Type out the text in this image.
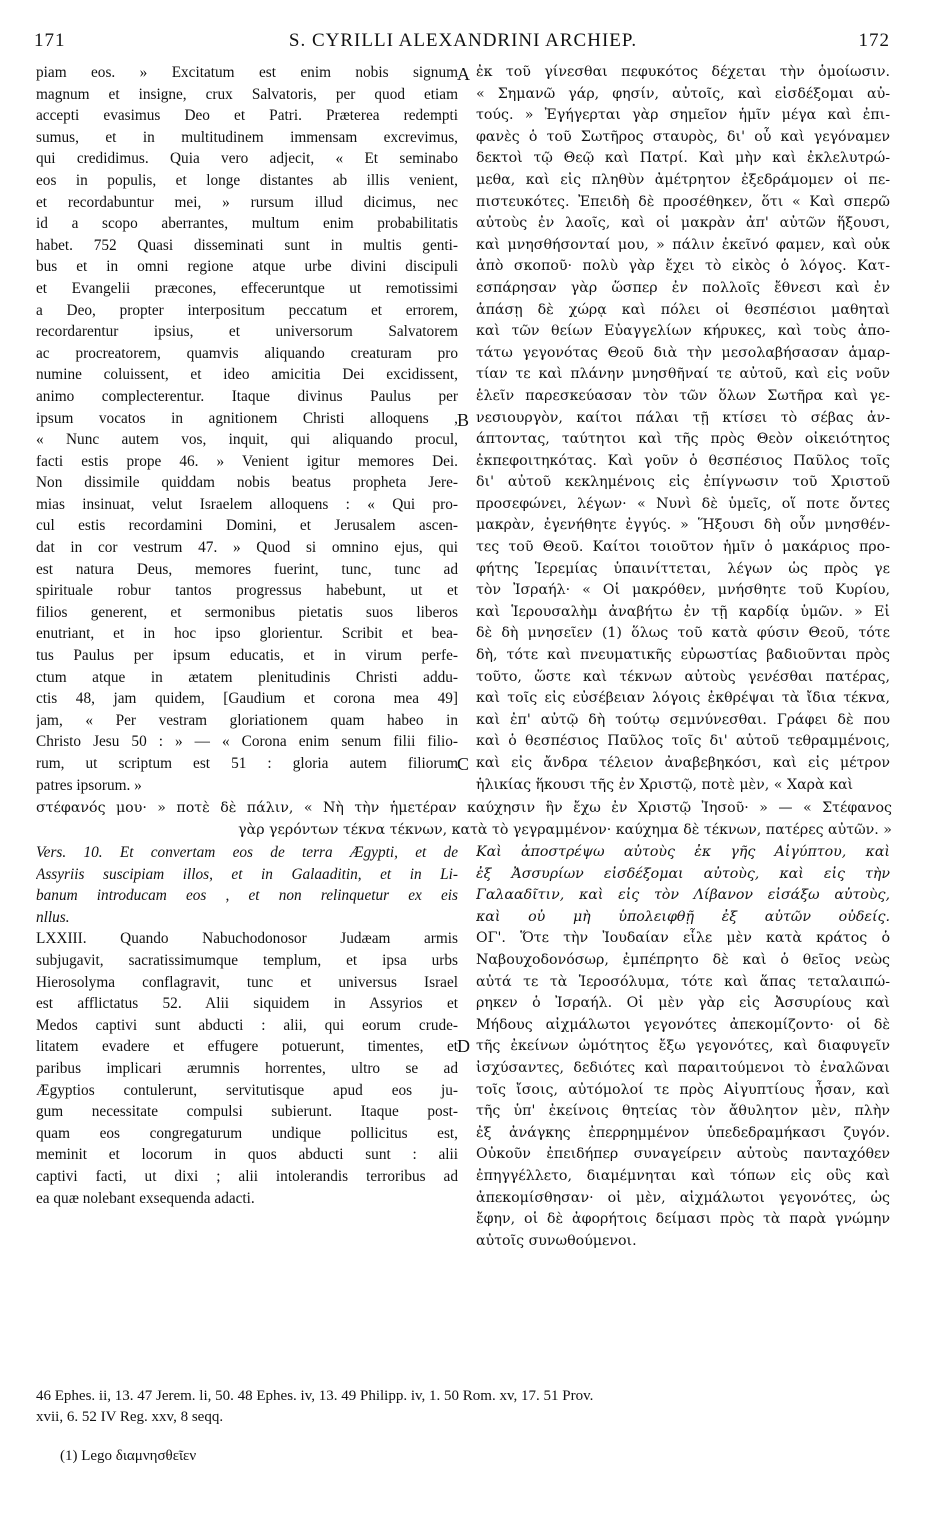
171	S. CYRILLI ALEXANDRINI ARCHIEP.	172
A
B
C
D
piam eos. » Excitatum est enim nobis signum
magnum et insigne, crux Salvatoris, per quod etiam
accepti evasimus Deo et Patri. Præterea redempti
sumus, et in multitudinem immensam excrevimus,
qui credidimus. Quia vero adjecit, « Et seminabo
eos in populis, et longe distantes ab illis venient,
et recordabuntur mei, » rursum illud dicimus, nec
id a scopo aberrantes, multum enim probabilitatis
habet. 752 Quasi disseminati sunt in multis genti-
bus et in omni regione atque urbe divini discipuli
et Evangelii præcones, effeceruntque ut remotissimi
a Deo, propter interpositum peccatum et errorem,
recordarentur ipsius, et universorum Salvatorem
ac procreatorem, quamvis aliquando creaturam pro
numine coluissent, et ideo amicitia Dei excidissent,
animo complecterentur. Itaque divinus Paulus per
ipsum vocatos in agnitionem Christi alloquens ,
« Nunc autem vos, inquit, qui aliquando procul,
facti estis prope 46. » Venient igitur memores Dei.
Non dissimile quiddam nobis beatus propheta Jere-
mias insinuat, velut Israelem alloquens : « Qui pro-
cul estis recordamini Domini, et Jerusalem ascen-
dat in cor vestrum 47. » Quod si omnino ejus, qui
est natura Deus, memores fuerint, tunc, tunc ad
spirituale robur tantos progressus habebunt, ut et
filios generent, et sermonibus pietatis suos liberos
enutriant, et in hoc ipso glorientur. Scribit et bea-
tus Paulus per ipsum educatis, et in virum perfe-
ctum atque in ætatem plenitudinis Christi addu-
ctis 48, jam quidem, [Gaudium et corona mea 49]
jam, « Per vestram gloriationem quam habeo in
Christo Jesu 50 : » — « Corona enim senum filii filio-
rum, ut scriptum est 51 : gloria autem filiorum
patres ipsorum. »
ἐκ τοῦ γίνεσθαι πεφυκότος δέχεται τὴν ὁμοίωσιν.
« Σημανῶ γάρ, φησίν, αὐτοῖς, καὶ εἰσδέξομαι αὐ-
τούς. » Ἐγήγερται γὰρ σημεῖον ἡμῖν μέγα καὶ ἐπι-
φανὲς ὁ τοῦ Σωτῆρος σταυρὸς, δι' οὗ καὶ γεγόναμεν
δεκτοὶ τῷ Θεῷ καὶ Πατρί. Καὶ μὴν καὶ ἐκλελυτρώ-
μεθα, καὶ εἰς πληθὺν ἀμέτρητον ἐξεδράμομεν οἱ πε-
πιστευκότες. Ἐπειδὴ δὲ προσέθηκεν, ὅτι « Καὶ σπερῶ
αὐτοὺς ἐν λαοῖς, καὶ οἱ μακρὰν ἀπ' αὐτῶν ἥξουσι,
καὶ μνησθήσονταί μου, » πάλιν ἐκεῖνό φαμεν, καὶ οὐκ
ἀπὸ σκοποῦ· πολὺ γὰρ ἔχει τὸ εἰκὸς ὁ λόγος. Κατ-
εσπάρησαν γὰρ ὥσπερ ἐν πολλοῖς ἔθνεσι καὶ ἐν
ἁπάσῃ δὲ χώρᾳ καὶ πόλει οἱ θεσπέσιοι μαθηταὶ
καὶ τῶν θείων Εὐαγγελίων κήρυκες, καὶ τοὺς ἀπο-
τάτω γεγονότας Θεοῦ διὰ τὴν μεσολαβήσασαν ἁμαρ-
τίαν τε καὶ πλάνην μνησθῆναί τε αὐτοῦ, καὶ εἰς νοῦν
ἑλεῖν παρεσκεύασαν τὸν τῶν ὅλων Σωτῆρα καὶ γε-
νεσιουργὸν, καίτοι πάλαι τῇ κτίσει τὸ σέβας ἀν-
άπτοντας, ταύτητοι καὶ τῆς πρὸς Θεὸν οἰκειότητος
ἐκπεφοιτηκότας. Καὶ γοῦν ὁ θεσπέσιος Παῦλος τοῖς
δι' αὐτοῦ κεκλημένοις εἰς ἐπίγνωσιν τοῦ Χριστοῦ
προσεφώνει, λέγων· « Νυνὶ δὲ ὑμεῖς, οἵ ποτε ὄντες
μακρὰν, ἐγενήθητε ἐγγύς. » Ἥξουσι δὴ οὖν μνησθέν-
τες τοῦ Θεοῦ. Καίτοι τοιοῦτον ἡμῖν ὁ μακάριος προ-
φήτης Ἱερεμίας ὑπαινίττεται, λέγων ὡς πρὸς γε
τὸν Ἰσραήλ· « Οἱ μακρόθεν, μνήσθητε τοῦ Κυρίου,
καὶ Ἱερουσαλὴμ ἀναβήτω ἐν τῇ καρδίᾳ ὑμῶν. » Εἰ
δὲ δὴ μνησεῖεν (1) ὅλως τοῦ κατὰ φύσιν Θεοῦ, τότε
δὴ, τότε καὶ πνευματικῆς εὐρωστίας βαδιοῦνται πρὸς
τοῦτο, ὥστε καὶ τέκνων αὐτοὺς γενέσθαι πατέρας,
καὶ τοῖς εἰς εὐσέβειαν λόγοις ἐκθρέψαι τὰ ἴδια τέκνα,
καὶ ἐπ' αὐτῷ δὴ τούτῳ σεμνύνεσθαι. Γράφει δὲ που
καὶ ὁ θεσπέσιος Παῦλος τοῖς δι' αὐτοῦ τεθραμμένοις,
καὶ εἰς ἄνδρα τέλειον ἀναβεβηκόσι, καὶ εἰς μέτρον
ἡλικίας ἥκουσι τῆς ἐν Χριστῷ, ποτὲ μὲν, « Χαρὰ καὶ
στέφανός μου· » ποτὲ δὲ πάλιν, « Νὴ τὴν ἡμετέραν καύχησιν ἣν ἔχω ἐν Χριστῷ Ἰησοῦ· » — « Στέφανος
γὰρ γερόντων τέκνα τέκνων, κατὰ τὸ γεγραμμένον· καύχημα δὲ τέκνων, πατέρες αὐτῶν. »
Vers. 10. Et convertam eos de terra Ægypti, et de
Assyriis suscipiam illos, et in Galaaditin, et in Li-
banum introducam eos , et non relinquetur ex eis
nllus.
LXXIII. Quando Nabuchodonosor Judæam armis
subjugavit, sacratissimumque templum, et ipsa urbs
Hierosolyma conflagravit, tunc et universus Israel
est afflictatus 52. Alii siquidem in Assyrios et
Medos captivi sunt abducti : alii, qui eorum crude-
litatem evadere et effugere potuerunt, timentes, et
paribus implicari ærumnis horrentes, ultro se ad
Ægyptios contulerunt, servitutisque apud eos ju-
gum necessitate compulsi subierunt. Itaque post-
quam eos congregaturum undique pollicitus est,
meminit et locorum in quos abducti sunt : alii
captivi facti, ut dixi ; alii intolerandis terroribus ad
ea quæ nolebant exsequenda adacti.
Καὶ ἀποστρέψω αὐτοὺς ἐκ γῆς Αἰγύπτου, καὶ
ἐξ Ἀσσυρίων εἰσδέξομαι αὐτοὺς, καὶ εἰς τὴν
Γαλααδῖτιν, καὶ εἰς τὸν Λίβανον εἰσάξω αὐτοὺς,
καὶ οὐ μὴ ὑπολειφθῇ ἐξ αὐτῶν οὐδείς.
ΟΓ'. Ὅτε τὴν Ἰουδαίαν εἷλε μὲν κατὰ κράτος ὁ
Ναβουχοδονόσωρ, ἐμπέπρητο δὲ καὶ ὁ θεῖος νεὼς
αὐτά τε τὰ Ἱεροσόλυμα, τότε καὶ ἅπας τεταλαιπώ-
ρηκεν ὁ Ἰσραήλ. Οἱ μὲν γὰρ εἰς Ἀσσυρίους καὶ
Μήδους αἰχμάλωτοι γεγονότες ἀπεκομίζοντο· οἱ δὲ
τῆς ἐκείνων ὠμότητος ἔξω γεγονότες, καὶ διαφυγεῖν
ἰσχύσαντες, δεδιότες καὶ παραιτούμενοι τὸ ἐναλῶναι
τοῖς ἴσοις, αὐτόμολοί τε πρὸς Αἰγυπτίους ἦσαν, καὶ
τῆς ὑπ' ἐκείνοις θητείας τὸν ἄθυλητον μὲν, πλὴν
ἐξ ἀνάγκης ἐπερρημμένον ὑπεδεδραμήκασι ζυγόν.
Οὐκοῦν ἐπειδήπερ συναγείρειν αὐτοὺς πανταχόθεν
ἐπηγγέλλετο, διαμέμνηται καὶ τόπων εἰς οὓς καὶ
ἀπεκομίσθησαν· οἱ μὲν, αἰχμάλωτοι γεγονότες, ὡς
ἔφην, οἱ δὲ ἀφορήτοις δείμασι πρὸς τὰ παρὰ γνώμην
αὐτοῖς συνωθούμενοι.
46 Ephes. ii, 13. 47 Jerem. li, 50. 48 Ephes. iv, 13. 49 Philipp. iv, 1. 50 Rom. xv, 17. 51 Prov.
xvii, 6. 52 IV Reg. xxv, 8 seqq.
(1) Lego διαμνησθεῖεν
